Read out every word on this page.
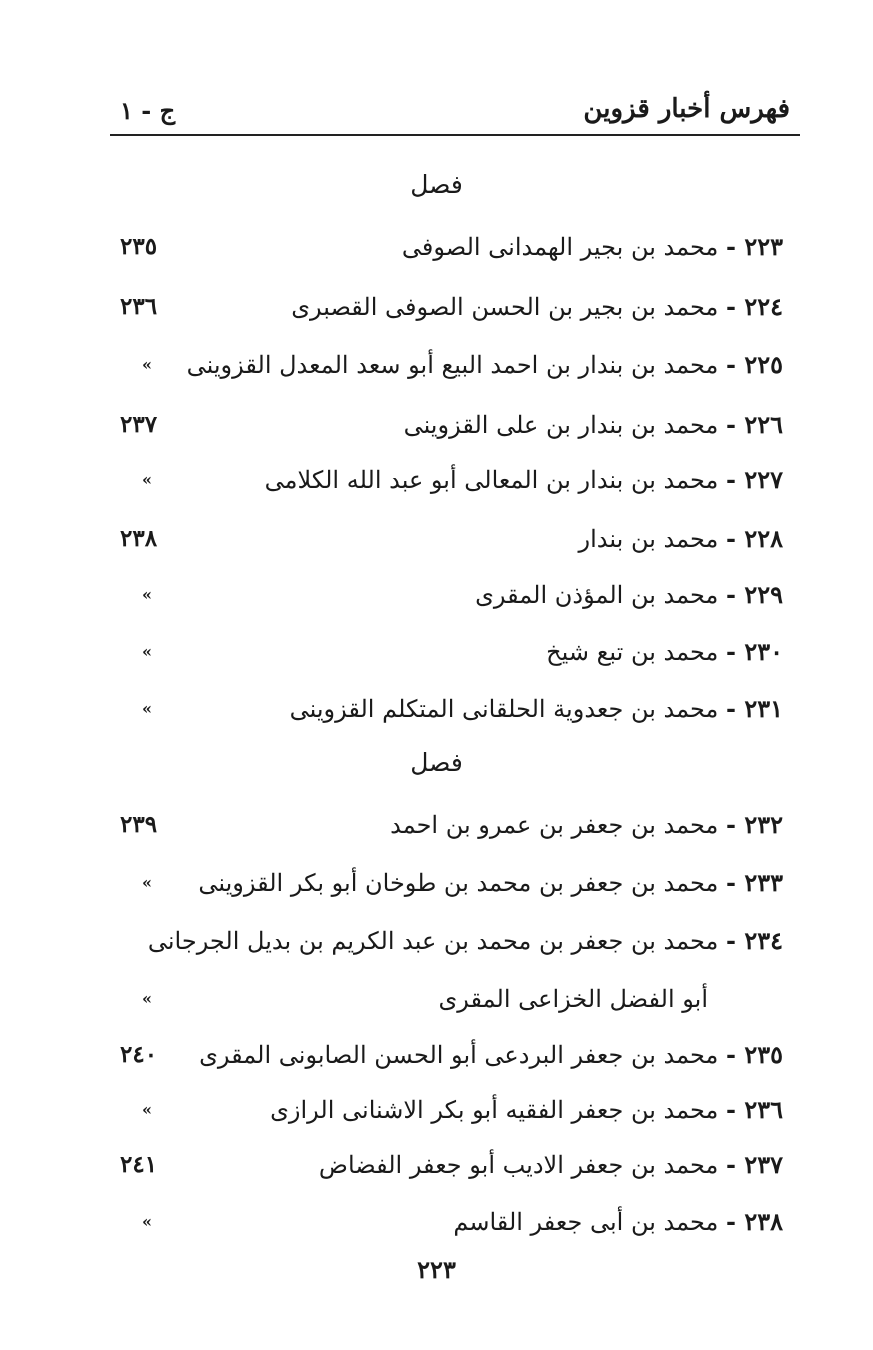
فهرس أخبار قزوين
ج - ١
فصل
٢٢٣ - محمد بن بجير الهمدانى الصوفى
٢٣٥
٢٢٤ - محمد بن بجير بن الحسن الصوفى القصبرى
٢٣٦
٢٢٥ - محمد بن بندار بن احمد البيع أبو سعد المعدل القزوينى
»
٢٢٦ - محمد بن بندار بن على القزوينى
٢٣٧
٢٢٧ - محمد بن بندار بن المعالى أبو عبد الله الكلامى
»
٢٢٨ - محمد بن بندار
٢٣٨
٢٢٩ - محمد بن المؤذن المقرى
»
٢٣٠ - محمد بن تبع شيخ
»
٢٣١ - محمد بن جعدوية الحلقانى المتكلم القزوينى
»
فصل
٢٣٢ - محمد بن جعفر بن عمرو بن احمد
٢٣٩
٢٣٣ - محمد بن جعفر بن محمد بن طوخان أبو بكر القزوينى
»
٢٣٤ - محمد بن جعفر بن محمد بن عبد الكريم بن بديل الجرجانى
أبو الفضل الخزاعى المقرى
»
٢٣٥ - محمد بن جعفر البردعى أبو الحسن الصابونى المقرى
٢٤٠
٢٣٦ - محمد بن جعفر الفقيه أبو بكر الاشنانى الرازى
»
٢٣٧ - محمد بن جعفر الاديب أبو جعفر الفضاض
٢٤١
٢٣٨ - محمد بن أبى جعفر القاسم
»
٢٢٣
